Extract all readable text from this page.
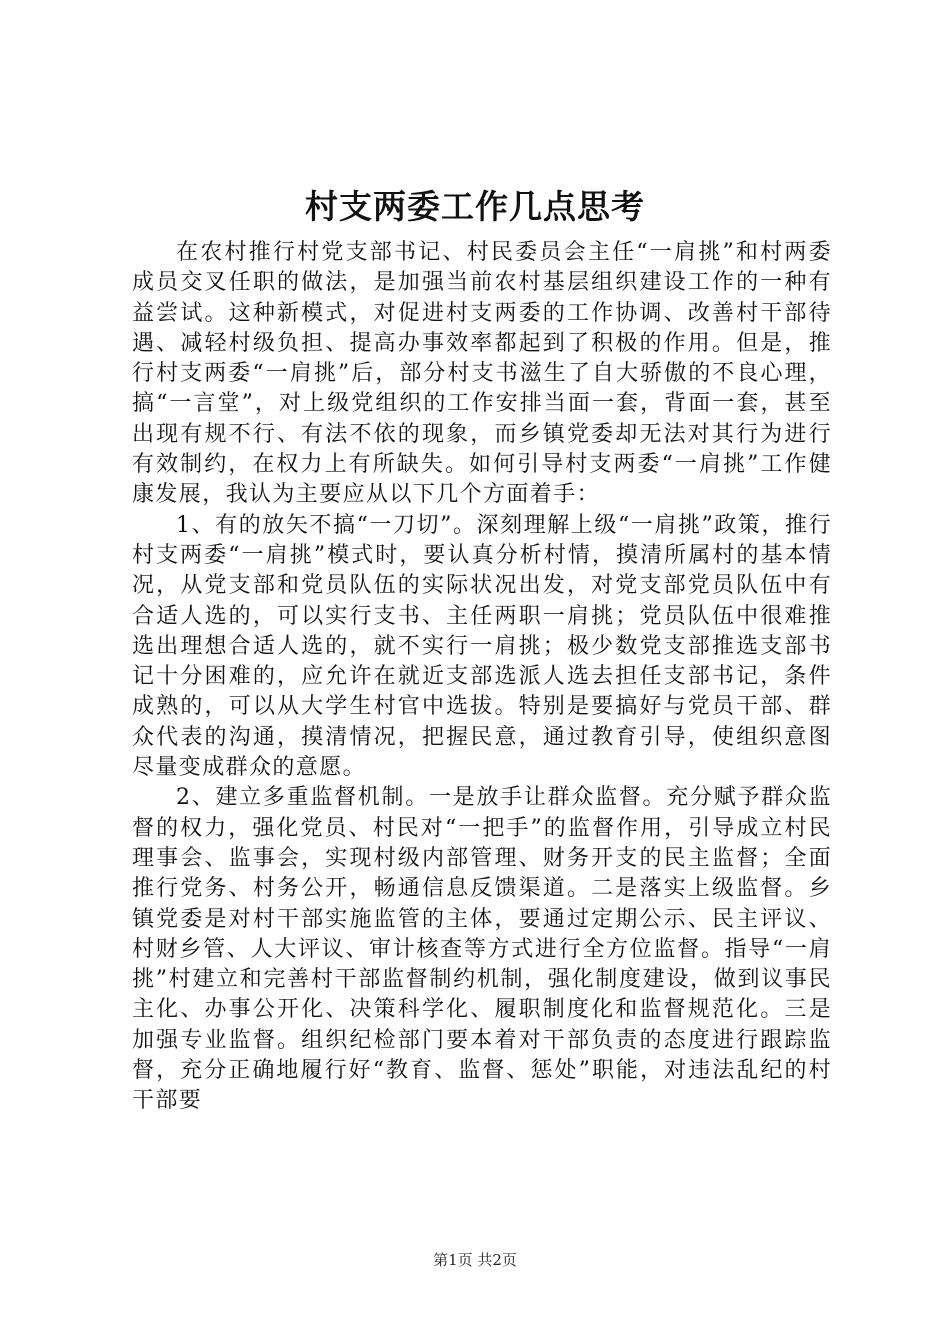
村支两委工作几点思考

在农村推行村党支部书记、村民委员会主任“一肩挑”和村两委成员交叉任职的做法，是加强当前农村基层组织建设工作的一种有益尝试。这种新模式，对促进村支两委的工作协调、改善村干部待遇、减轻村级负担、提高办事效率都起到了积极的作用。但是，推行村支两委“一肩挑”后，部分村支书滋生了自大骄傲的不良心理，搞“一言堂”，对上级党组织的工作安排当面一套，背面一套，甚至出现有规不行、有法不依的现象，而乡镇党委却无法对其行为进行有效制约，在权力上有所缺失。如何引导村支两委“一肩挑”工作健康发展，我认为主要应从以下几个方面着手：

1、有的放矢不搞“一刀切”。深刻理解上级“一肩挑”政策，推行村支两委“一肩挑”模式时，要认真分析村情，摸清所属村的基本情况，从党支部和党员队伍的实际状况出发，对党支部党员队伍中有合适人选的，可以实行支书、主任两职一肩挑；党员队伍中很难推选出理想合适人选的，就不实行一肩挑；极少数党支部推选支部书记十分困难的，应允许在就近支部选派人选去担任支部书记，条件成熟的，可以从大学生村官中选拔。特别是要搞好与党员干部、群众代表的沟通，摸清情况，把握民意，通过教育引导，使组织意图尽量变成群众的意愿。

2、建立多重监督机制。一是放手让群众监督。充分赋予群众监督的权力，强化党员、村民对“一把手”的监督作用，引导成立村民理事会、监事会，实现村级内部管理、财务开支的民主监督；全面推行党务、村务公开，畅通信息反馈渠道。二是落实上级监督。乡镇党委是对村干部实施监管的主体，要通过定期公示、民主评议、村财乡管、人大评议、审计核查等方式进行全方位监督。指导“一肩挑”村建立和完善村干部监督制约机制，强化制度建设，做到议事民主化、办事公开化、决策科学化、履职制度化和监督规范化。三是加强专业监督。组织纪检部门要本着对干部负责的态度进行跟踪监督，充分正确地履行好“教育、监督、惩处”职能，对违法乱纪的村干部要

第1页 共2页
